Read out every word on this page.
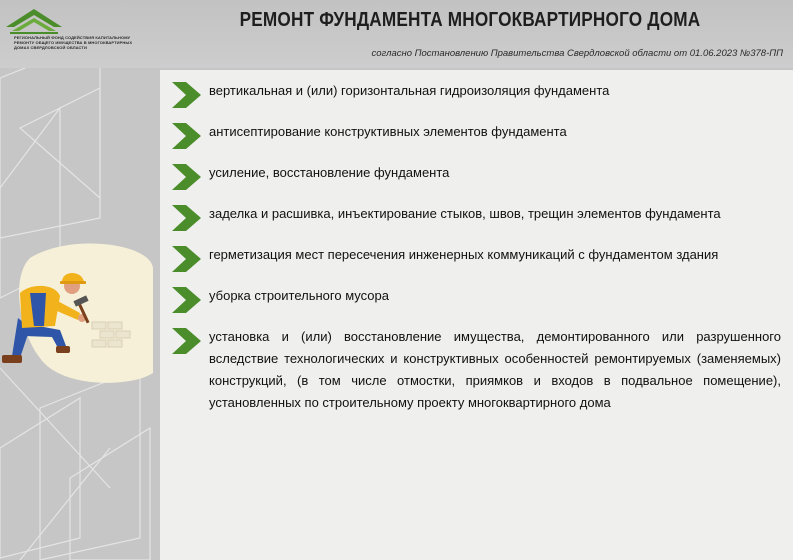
РЕГИОНАЛЬНЫЙ ФОНД СОДЕЙСТВИЯ КАПИТАЛЬНОМУ
РЕМОНТУ ОБЩЕГО ИМУЩЕСТВА В МНОГОКВАРТИРНЫХ
ДОМАХ СВЕРДЛОВСКОЙ ОБЛАСТИ
РЕМОНТ ФУНДАМЕНТА МНОГОКВАРТИРНОГО ДОМА
согласно Постановлению Правительства Свердловской области от 01.06.2023 №378-ПП
вертикальная и (или) горизонтальная гидроизоляция фундамента
антисептирование конструктивных элементов фундамента
усиление, восстановление фундамента
заделка и расшивка, инъектирование стыков, швов, трещин элементов фундамента
герметизация мест пересечения инженерных коммуникаций с фундаментом здания
уборка строительного мусора
установка и (или) восстановление имущества, демонтированного или разрушенного вследствие технологических и конструктивных особенностей ремонтируемых (заменяемых) конструкций, (в том числе отмостки, приямков и входов в подвальное помещение), установленных по строительному проекту многоквартирного дома
